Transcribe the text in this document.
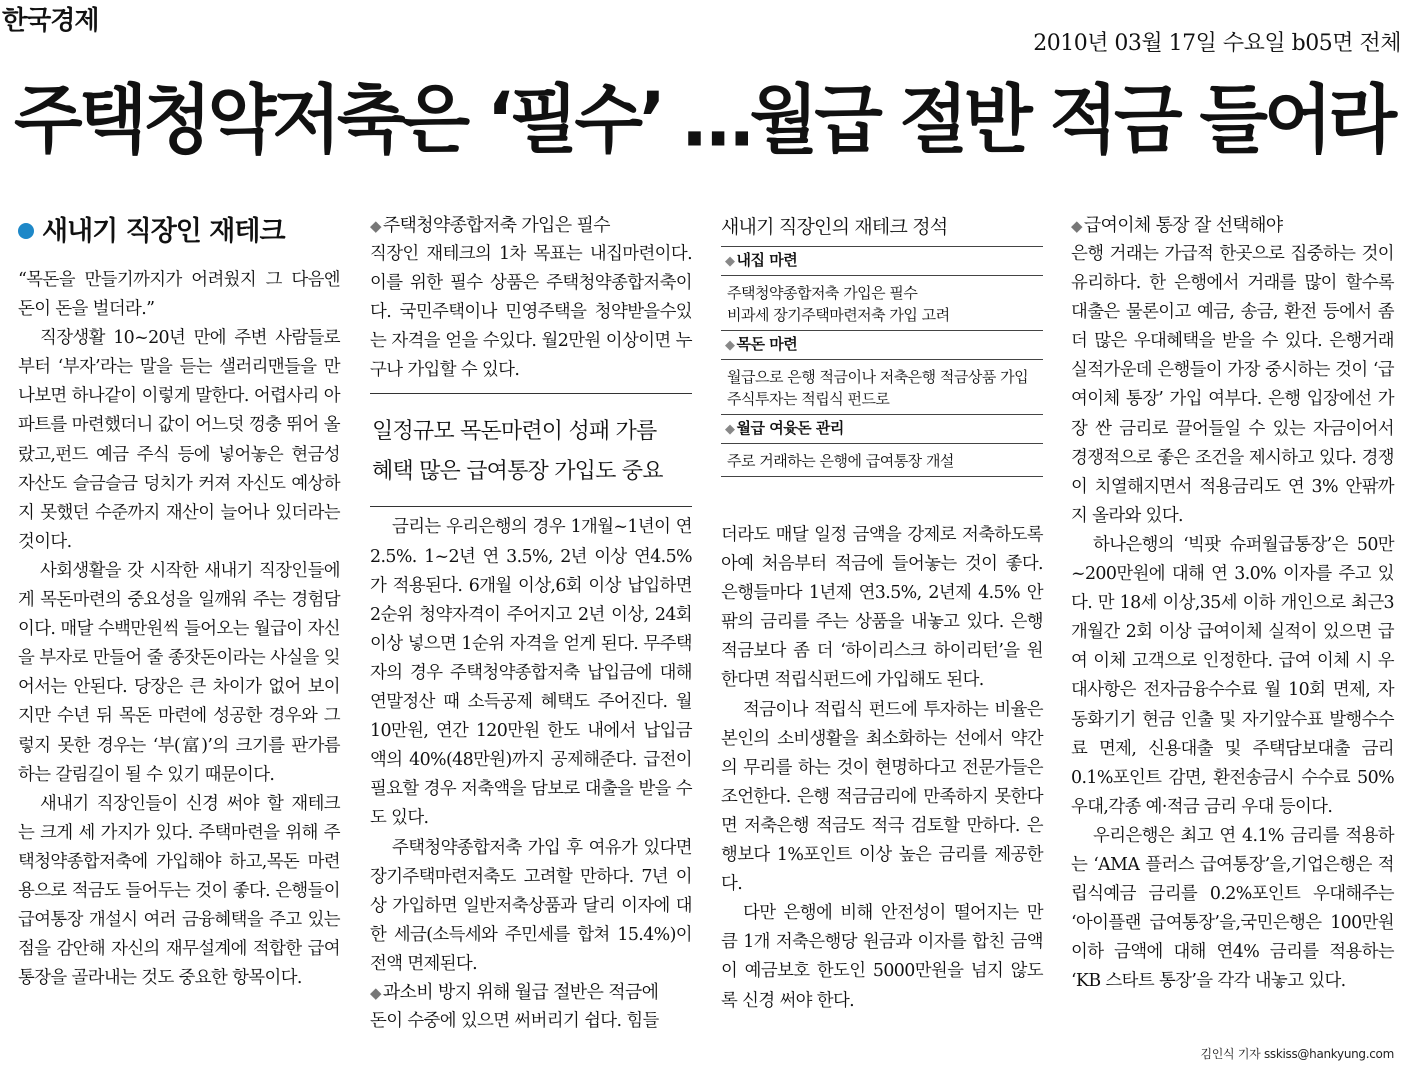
한국경제
2010년 03월 17일 수요일 b05면 전체
주택청약저축은 ‘필수’ …월급 절반 적금 들어라
새내기 직장인 재테크

“목돈을 만들기까지가 어려웠지 그 다음엔 돈이 돈을 벌더라.”

직장생활 10~20년 만에 주변 사람들로부터 ‘부자’라는 말을 듣는 샐러리맨들을 만나보면 하나같이 이렇게 말한다. 어렵사리 아파트를 마련했더니 값이 어느덧 껑충 뛰어 올랐고,펀드 예금 주식 등에 넣어놓은 현금성 자산도 슬금슬금 덩치가 커져 자신도 예상하지 못했던 수준까지 재산이 늘어나 있더라는 것이다.

사회생활을 갓 시작한 새내기 직장인들에게 목돈마련의 중요성을 일깨워 주는 경험담이다. 매달 수백만원씩 들어오는 월급이 자신을 부자로 만들어 줄 종잣돈이라는 사실을 잊어서는 안된다. 당장은 큰 차이가 없어 보이지만 수년 뒤 목돈 마련에 성공한 경우와 그렇지 못한 경우는 ‘부(富)’의 크기를 판가름하는 갈림길이 될 수 있기 때문이다.

새내기 직장인들이 신경 써야 할 재테크는 크게 세 가지가 있다. 주택마련을 위해 주택청약종합저축에 가입해야 하고,목돈 마련용으로 적금도 들어두는 것이 좋다. 은행들이 급여통장 개설시 여러 금융혜택을 주고 있는 점을 감안해 자신의 재무설계에 적합한 급여통장을 골라내는 것도 중요한 항목이다.

◆ 주택청약종합저축 가입은 필수

직장인 재테크의 1차 목표는 내집마련이다. 이를 위한 필수 상품은 주택청약종합저축이다. 국민주택이나 민영주택을 청약받을수있는 자격을 얻을 수있다. 월2만원 이상이면 누구나 가입할 수 있다.

일정규모 목돈마련이 성패 가름
혜택 많은 급여통장 가입도 중요

금리는 우리은행의 경우 1개월~1년이 연2.5%. 1~2년 연 3.5%, 2년 이상 연4.5%가 적용된다. 6개월 이상,6회 이상 납입하면 2순위 청약자격이 주어지고 2년 이상, 24회 이상 넣으면 1순위 자격을 얻게 된다. 무주택자의 경우 주택청약종합저축 납입금에 대해 연말정산 때 소득공제 혜택도 주어진다. 월 10만원, 연간 120만원 한도 내에서 납입금액의 40%(48만원)까지 공제해준다. 급전이 필요할 경우 저축액을 담보로 대출을 받을 수도 있다.

주택청약종합저축 가입 후 여유가 있다면 장기주택마련저축도 고려할 만하다. 7년 이상 가입하면 일반저축상품과 달리 이자에 대한 세금(소득세와 주민세를 합쳐 15.4%)이 전액 면제된다.

◆ 과소비 방지 위해 월급 절반은 적금에

돈이 수중에 있으면 써버리기 쉽다. 힘들

새내기 직장인의 재테크 정석
◆ 내집 마련
주택청약종합저축 가입은 필수
비과세 장기주택마련저축 가입 고려
◆ 목돈 마련
월급으로 은행 적금이나 저축은행 적금상품 가입
주식투자는 적립식 펀드로
◆ 월급 여윳돈 관리
주로 거래하는 은행에 급여통장 개설

더라도 매달 일정 금액을 강제로 저축하도록 아예 처음부터 적금에 들어놓는 것이 좋다. 은행들마다 1년제 연3.5%, 2년제 4.5% 안팎의 금리를 주는 상품을 내놓고 있다. 은행 적금보다 좀 더 ‘하이리스크 하이리턴’을 원한다면 적립식펀드에 가입해도 된다.

적금이나 적립식 펀드에 투자하는 비율은 본인의 소비생활을 최소화하는 선에서 약간의 무리를 하는 것이 현명하다고 전문가들은 조언한다. 은행 적금금리에 만족하지 못한다면 저축은행 적금도 적극 검토할 만하다. 은행보다 1%포인트 이상 높은 금리를 제공한다.

다만 은행에 비해 안전성이 떨어지는 만큼 1개 저축은행당 원금과 이자를 합친 금액이 예금보호 한도인 5000만원을 넘지 않도록 신경 써야 한다.

◆ 급여이체 통장 잘 선택해야

은행 거래는 가급적 한곳으로 집중하는 것이 유리하다. 한 은행에서 거래를 많이 할수록 대출은 물론이고 예금, 송금, 환전 등에서 좀 더 많은 우대혜택을 받을 수 있다. 은행거래 실적가운데 은행들이 가장 중시하는 것이 ‘급여이체 통장’ 가입 여부다. 은행 입장에선 가장 싼 금리로 끌어들일 수 있는 자금이어서 경쟁적으로 좋은 조건을 제시하고 있다. 경쟁이 치열해지면서 적용금리도 연 3% 안팎까지 올라와 있다.

하나은행의 ‘빅팟 슈퍼월급통장’은 50만~200만원에 대해 연 3.0% 이자를 주고 있다. 만 18세 이상,35세 이하 개인으로 최근3개월간 2회 이상 급여이체 실적이 있으면 급여 이체 고객으로 인정한다. 급여 이체 시 우대사항은 전자금융수수료 월 10회 면제, 자동화기기 현금 인출 및 자기앞수표 발행수수료 면제, 신용대출 및 주택담보대출 금리 0.1%포인트 감면, 환전송금시 수수료 50% 우대,각종 예·적금 금리 우대 등이다.

우리은행은 최고 연 4.1% 금리를 적용하는 ‘AMA 플러스 급여통장’을,기업은행은 적립식예금 금리를 0.2%포인트 우대해주는 ‘아이플랜 급여통장’을,국민은행은 100만원 이하 금액에 대해 연4% 금리를 적용하는 ‘KB 스타트 통장’을 각각 내놓고 있다.

김인식 기자 sskiss@hankyung.com
